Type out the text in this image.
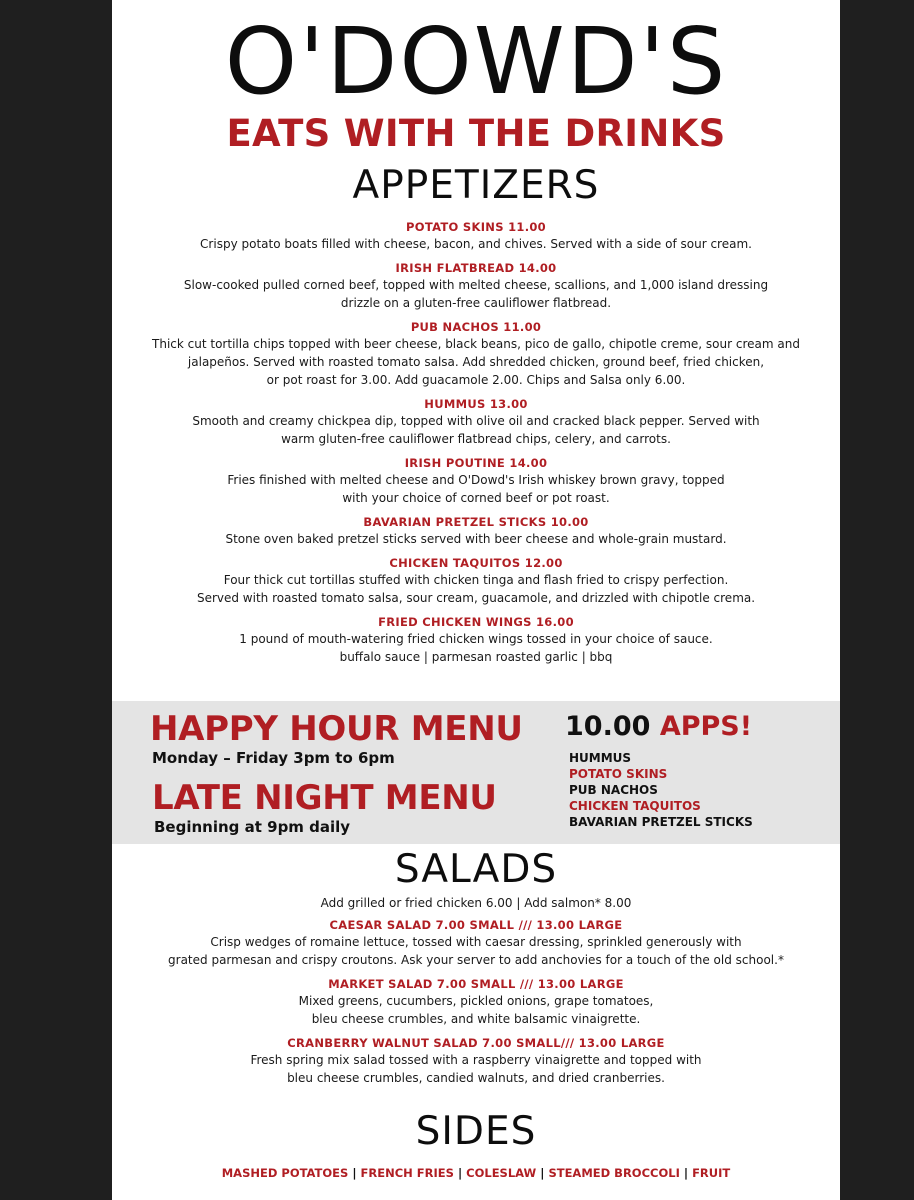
O'DOWD'S
EATS WITH THE DRINKS
APPETIZERS
POTATO SKINS 11.00
Crispy potato boats filled with cheese, bacon, and chives. Served with a side of sour cream.
IRISH FLATBREAD 14.00
Slow-cooked pulled corned beef, topped with melted cheese, scallions, and 1,000 island dressing
drizzle on a gluten-free cauliflower flatbread.
PUB NACHOS 11.00
Thick cut tortilla chips topped with beer cheese, black beans, pico de gallo, chipotle creme, sour cream and
jalapeños. Served with roasted tomato salsa. Add shredded chicken, ground beef, fried chicken,
or pot roast for 3.00. Add guacamole 2.00. Chips and Salsa only 6.00.
HUMMUS 13.00
Smooth and creamy chickpea dip, topped with olive oil and cracked black pepper. Served with
warm gluten-free cauliflower flatbread chips, celery, and carrots.
IRISH POUTINE 14.00
Fries finished with melted cheese and O'Dowd's Irish whiskey brown gravy, topped
with your choice of corned beef or pot roast.
BAVARIAN PRETZEL STICKS 10.00
Stone oven baked pretzel sticks served with beer cheese and whole-grain mustard.
CHICKEN TAQUITOS 12.00
Four thick cut tortillas stuffed with chicken tinga and flash fried to crispy perfection.
Served with roasted tomato salsa, sour cream, guacamole, and drizzled with chipotle crema.
FRIED CHICKEN WINGS 16.00
1 pound of mouth-watering fried chicken wings tossed in your choice of sauce.
buffalo sauce | parmesan roasted garlic | bbq
HAPPY HOUR MENU
Monday – Friday 3pm to 6pm
LATE NIGHT MENU
Beginning at 9pm daily
10.00 APPS!
HUMMUS
POTATO SKINS
PUB NACHOS
CHICKEN TAQUITOS
BAVARIAN PRETZEL STICKS
SALADS
Add grilled or fried chicken 6.00 | Add salmon* 8.00
CAESAR SALAD 7.00 SMALL /// 13.00 LARGE
Crisp wedges of romaine lettuce, tossed with caesar dressing, sprinkled generously with
grated parmesan and crispy croutons. Ask your server to add anchovies for a touch of the old school.*
MARKET SALAD 7.00 SMALL /// 13.00 LARGE
Mixed greens, cucumbers, pickled onions, grape tomatoes,
bleu cheese crumbles, and white balsamic vinaigrette.
CRANBERRY WALNUT SALAD 7.00 SMALL/// 13.00 LARGE
Fresh spring mix salad tossed with a raspberry vinaigrette and topped with
bleu cheese crumbles, candied walnuts, and dried cranberries.
SIDES
MASHED POTATOES | FRENCH FRIES | COLESLAW | STEAMED BROCCOLI | FRUIT
